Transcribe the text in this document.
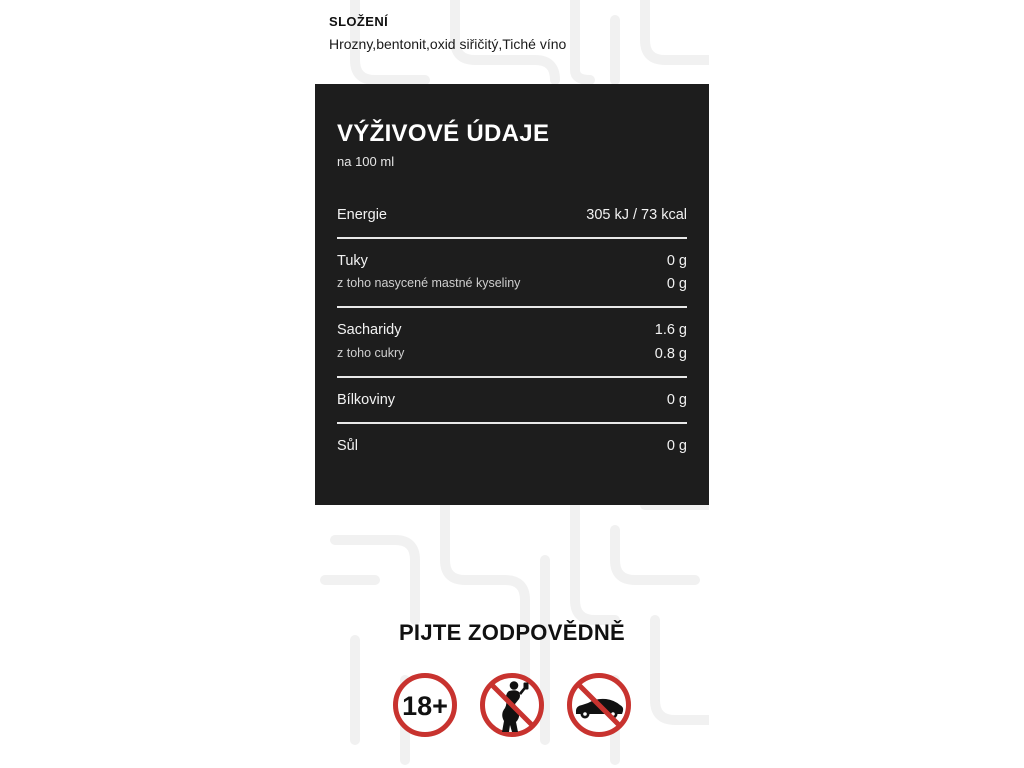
SLOŽENÍ
Hrozny,bentonit,oxid siřičitý,Tiché víno
VÝŽIVOVÉ ÚDAJE
na 100 ml
Energie	305 kJ / 73 kcal
Tuky	0 g
z toho nasycené mastné kyseliny	0 g
Sacharidy	1.6 g
z toho cukry	0.8 g
Bílkoviny	0 g
Sůl	0 g
PIJTE ZODPOVĚDNĚ
18+
